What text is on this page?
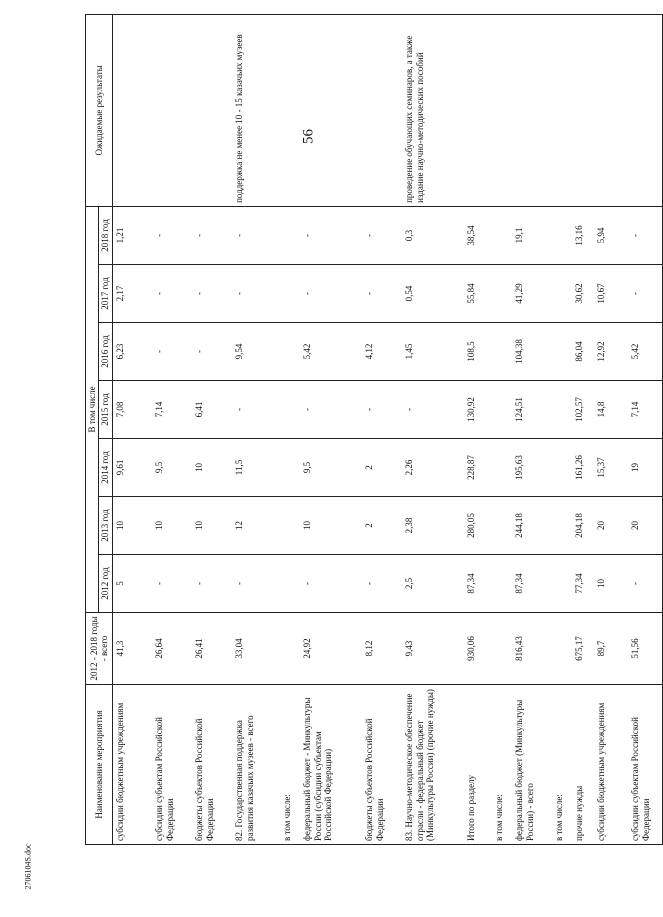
56
2706104S.doc
Наименование мероприятия	2012 - 2018 годы - всего	В том числе							Ожидаемые результаты
		2012 год	2013 год	2014 год	2015 год	2016 год	2017 год	2018 год	
субсидии бюджетным учреждениям	41,3	5	10	9,61	7,08	6,23	2,17	1,21	
субсидии субъектам Российской Федерации	26,64	-	10	9,5	7,14	-	-	-	
бюджеты субъектов Российской Федерации	26,41	-	10	10	6,41	-	-	-	
82. Государственная поддержка развития казачьих музеев - всего	33,04	-	12	11,5	-	9,54	-	-	поддержка не менее 10 - 15 казачьих музеев
в том числе:									
федеральный бюджет - Минкультуры России (субсидии субъектам Российской Федерации)	24,92	-	10	9,5	-	5,42	-	-	
бюджеты субъектов Российской Федерации	8,12	-	2	2	-	4,12	-	-	
83. Научно-методическое обеспечение отрасли - федеральный бюджет (Минкультуры России) (прочие нужды)	9,43	2,5	2,38	2,26	-	1,45	0,54	0,3	проведение обучающих семинаров, а также издание научно-методических пособий
Итого по разделу	930,06	87,34	280,05	228,87	130,92	108,5	55,84	38,54	
в том числе:									
федеральный бюджет (Минкультуры России) - всего	816,43	87,34	244,18	195,63	124,51	104,38	41,29	19,1	
в том числе:									
прочие нужды	675,17	77,34	204,18	161,26	102,57	86,04	30,62	13,16	
субсидии бюджетным учреждениям	89,7	10	20	15,37	14,8	12,92	10,67	5,94	
субсидии субъектам Российской Федерации	51,56	-	20	19	7,14	5,42	-	-	
